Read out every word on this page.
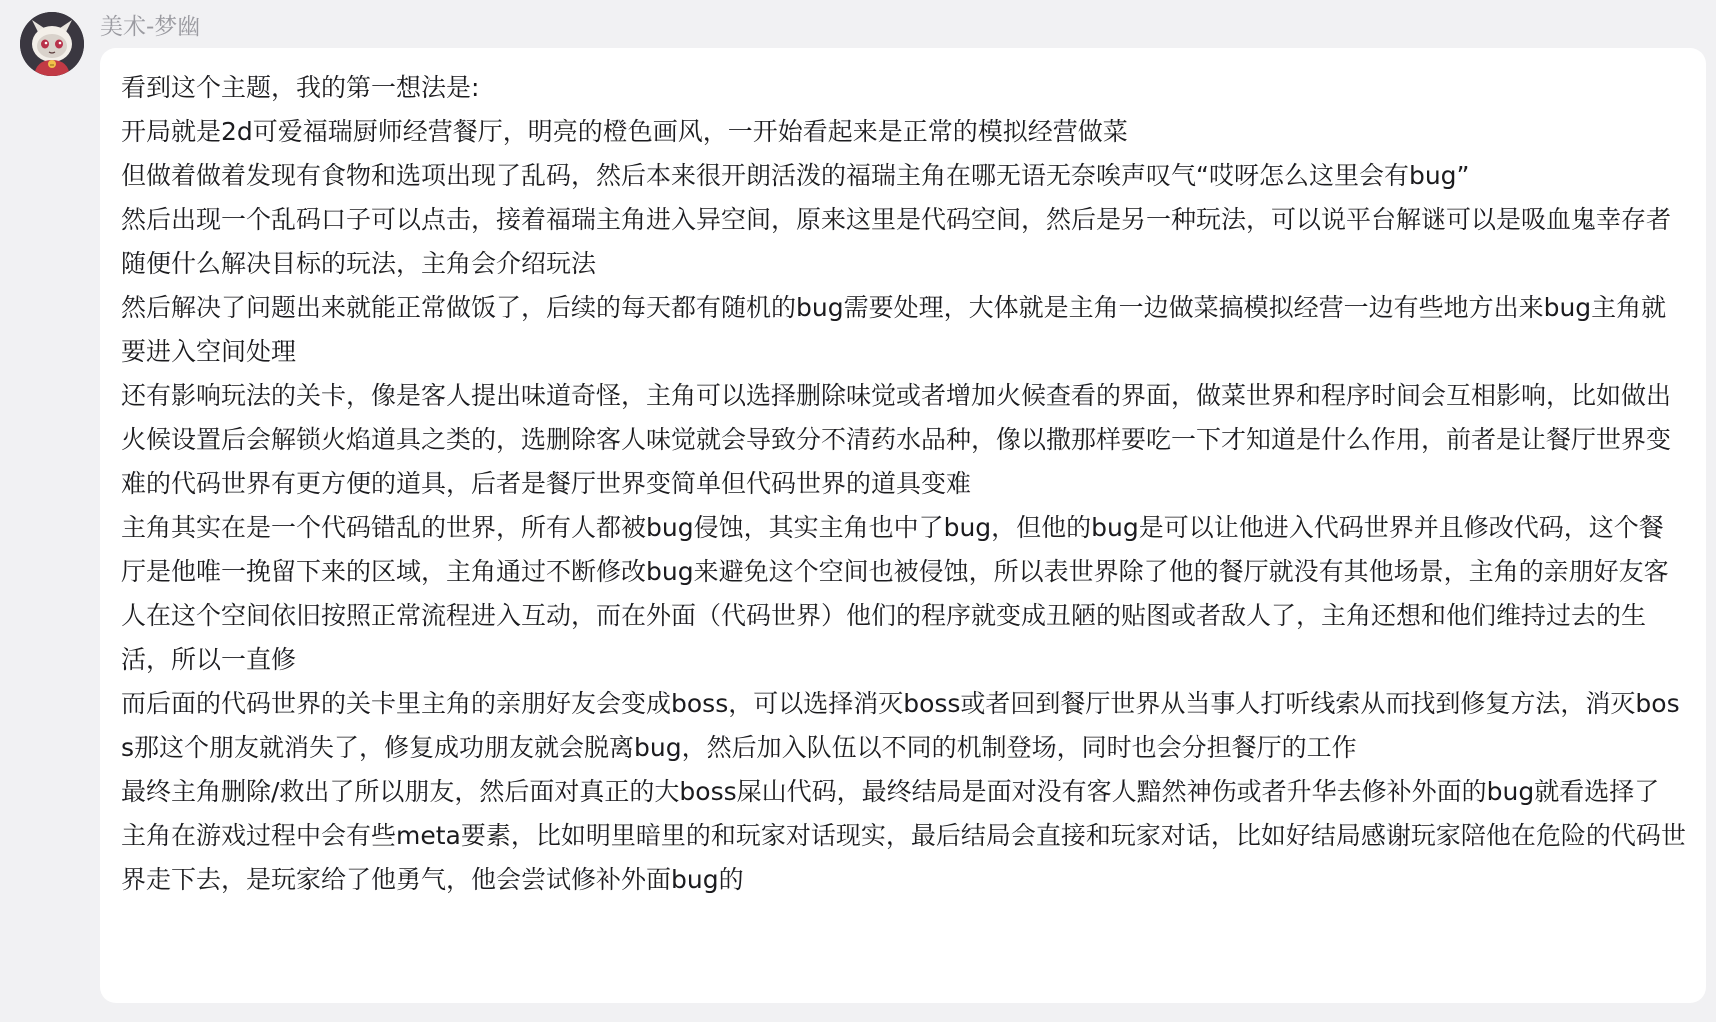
美术-梦幽

看到这个主题，我的第一想法是:

开局就是2d可爱福瑞厨师经营餐厅，明亮的橙色画风，一开始看起来是正常的模拟经营做菜

但做着做着发现有食物和选项出现了乱码，然后本来很开朗活泼的福瑞主角在哪无语无奈唉声叹气“哎呀怎么这里会有bug”

然后出现一个乱码口子可以点击，接着福瑞主角进入异空间，原来这里是代码空间，然后是另一种玩法，可以说平台解谜可以是吸血鬼幸存者随便什么解决目标的玩法，主角会介绍玩法

然后解决了问题出来就能正常做饭了，后续的每天都有随机的bug需要处理，大体就是主角一边做菜搞模拟经营一边有些地方出来bug主角就要进入空间处理

还有影响玩法的关卡，像是客人提出味道奇怪，主角可以选择删除味觉或者增加火候查看的界面，做菜世界和程序时间会互相影响，比如做出火候设置后会解锁火焰道具之类的，选删除客人味觉就会导致分不清药水品种，像以撒那样要吃一下才知道是什么作用，前者是让餐厅世界变难的代码世界有更方便的道具，后者是餐厅世界变简单但代码世界的道具变难

主角其实在是一个代码错乱的世界，所有人都被bug侵蚀，其实主角也中了bug，但他的bug是可以让他进入代码世界并且修改代码，这个餐厅是他唯一挽留下来的区域，主角通过不断修改bug来避免这个空间也被侵蚀，所以表世界除了他的餐厅就没有其他场景，主角的亲朋好友客人在这个空间依旧按照正常流程进入互动，而在外面（代码世界）他们的程序就变成丑陋的贴图或者敌人了，主角还想和他们维持过去的生活，所以一直修

而后面的代码世界的关卡里主角的亲朋好友会变成boss，可以选择消灭boss或者回到餐厅世界从当事人打听线索从而找到修复方法，消灭boss那这个朋友就消失了，修复成功朋友就会脱离bug，然后加入队伍以不同的机制登场，同时也会分担餐厅的工作

最终主角删除/救出了所以朋友，然后面对真正的大boss屎山代码，最终结局是面对没有客人黯然神伤或者升华去修补外面的bug就看选择了

主角在游戏过程中会有些meta要素，比如明里暗里的和玩家对话现实，最后结局会直接和玩家对话，比如好结局感谢玩家陪他在危险的代码世界走下去，是玩家给了他勇气，他会尝试修补外面bug的
